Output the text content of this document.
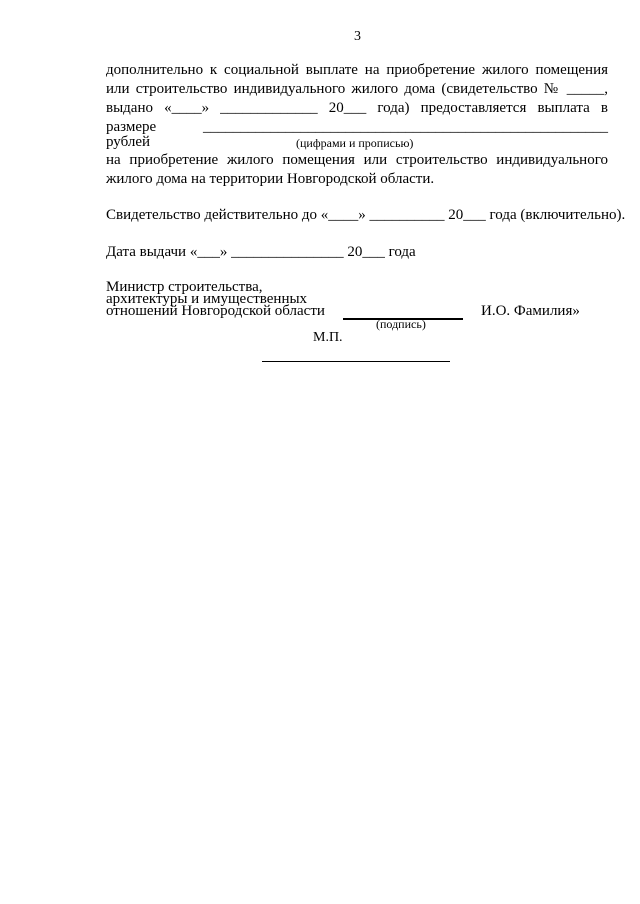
3
дополнительно к социальной выплате на приобретение жилого помещения
или строительство индивидуального жилого дома (свидетельство № _____,
выдано «____» _____________ 20___ года) предоставляется выплата в
размере ______________________________________________________ рублей	(цифрами и прописью)
на приобретение жилого помещения или строительство индивидуального
жилого дома на территории Новгородской области.
Свидетельство действительно до «____» __________ 20___ года (включительно).
Дата выдачи «___» _______________ 20___ года
Министр строительства,
архитектуры и имущественных
отношений Новгородской области
(подпись)
И.О. Фамилия»
М.П.
